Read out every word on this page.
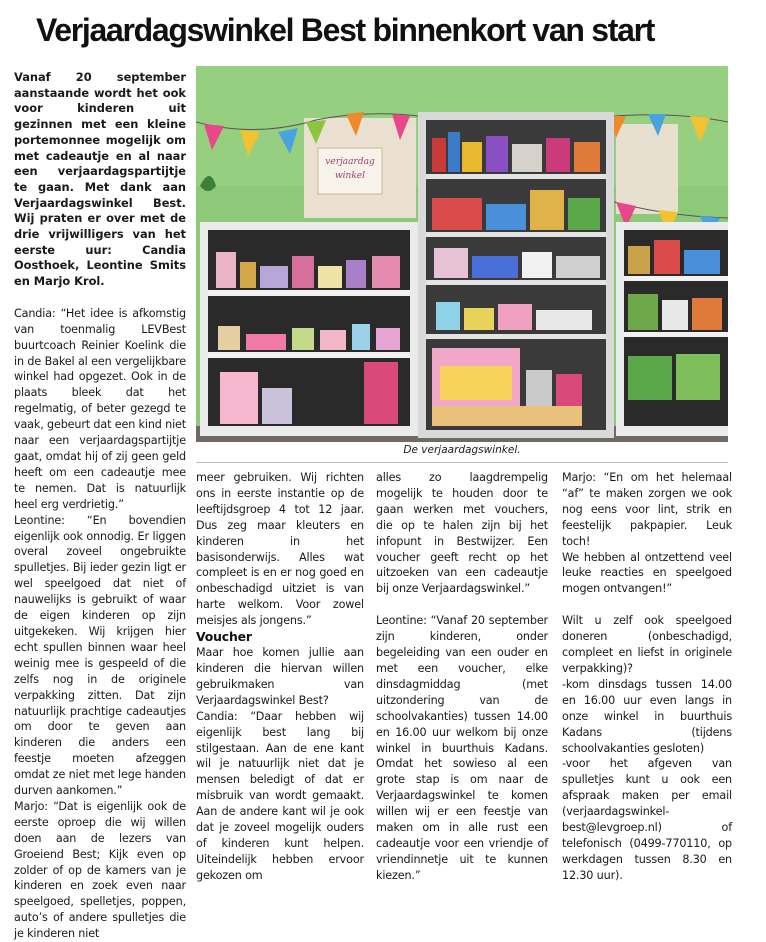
Verjaardagswinkel Best binnenkort van start

Vanaf 20 september aanstaande wordt het ook voor kinderen uit gezinnen met een kleine portemonnee mogelijk om met cadeautje en al naar een verjaardagspartijtje te gaan. Met dank aan Verjaardagswinkel Best. Wij praten er over met de drie vrijwilligers van het eerste uur: Candia Oosthoek, Leontine Smits en Marjo Krol.

Candia: “Het idee is afkomstig van toenmalig LEVBest buurtcoach Reinier Koelink die in de Bakel al een vergelijkbare winkel had opgezet. Ook in de plaats bleek dat het regelmatig, of beter gezegd te vaak, gebeurt dat een kind niet naar een verjaardagspartijtje gaat, omdat hij of zij geen geld heeft om een cadeautje mee te nemen. Dat is natuurlijk heel erg verdrietig.”

Leontine: “En bovendien eigenlijk ook onnodig. Er liggen overal zoveel ongebruikte spulletjes. Bij ieder gezin ligt er wel speelgoed dat niet of nauwelijks is gebruikt of waar de eigen kinderen op zijn uitgekeken. Wij krijgen hier echt spullen binnen waar heel weinig mee is gespeeld of die zelfs nog in de originele verpakking zitten. Dat zijn natuurlijk prachtige cadeautjes om door te geven aan kinderen die anders een feestje moeten afzeggen omdat ze niet met lege handen durven aankomen.”

Marjo: “Dat is eigenlijk ook de eerste oproep die wij willen doen aan de lezers van Groeiend Best; Kijk even op zolder of op de kamers van je kinderen en zoek even naar speelgoed, spelletjes, poppen, auto’s of andere spulletjes die je kinderen niet

verjaardag
winkel
De verjaardagswinkel.

meer gebruiken. Wij richten ons in eerste instantie op de leeftijdsgroep 4 tot 12 jaar. Dus zeg maar kleuters en kinderen in het basisonderwijs. Alles wat compleet is en er nog goed en onbeschadigd uitziet is van harte welkom. Voor zowel meisjes als jongens.”

Voucher

Maar hoe komen jullie aan kinderen die hiervan willen gebruikmaken van Verjaardagswinkel Best?

Candia: “Daar hebben wij eigenlijk best lang bij stilgestaan. Aan de ene kant wil je natuurlijk niet dat je mensen beledigt of dat er misbruik van wordt gemaakt. Aan de andere kant wil je ook dat je zoveel mogelijk ouders of kinderen kunt helpen. Uiteindelijk hebben ervoor gekozen om

alles zo laagdrempelig mogelijk te houden door te gaan werken met vouchers, die op te halen zijn bij het infopunt in Bestwijzer. Een voucher geeft recht op het uitzoeken van een cadeautje bij onze Verjaardagswinkel.”

Leontine: “Vanaf 20 september zijn kinderen, onder begeleiding van een ouder en met een voucher, elke dinsdagmiddag (met uitzondering van de schoolvakanties) tussen 14.00 en 16.00 uur welkom bij onze winkel in buurthuis Kadans. Omdat het sowieso al een grote stap is om naar de Verjaardagswinkel te komen willen wij er een feestje van maken om in alle rust een cadeautje voor een vriendje of vriendinnetje uit te kunnen kiezen.”

Marjo: “En om het helemaal “af” te maken zorgen we ook nog eens voor lint, strik en feestelijk pakpapier. Leuk toch!

We hebben al ontzettend veel leuke reacties en speelgoed mogen ontvangen!”

Wilt u zelf ook speelgoed doneren (onbeschadigd, compleet en liefst in originele verpakking)?

-kom dinsdags tussen 14.00 en 16.00 uur even langs in onze winkel in buurthuis Kadans (tijdens schoolvakanties gesloten)

-voor het afgeven van spulletjes kunt u ook een afspraak maken per email (verjaardagswinkel-best@levgroep.nl) of telefonisch (0499-770110, op werkdagen tussen 8.30 en 12.30 uur).
